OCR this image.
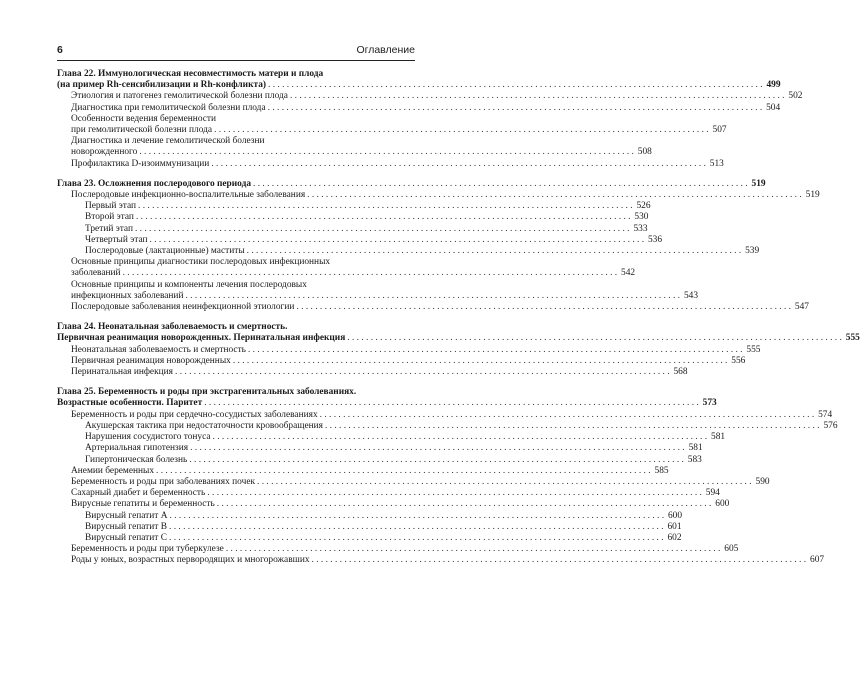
6	Оглавление
Глава 22. Иммунологическая несовместимость матери и плода
(на пример Rh-сенсибилизации и Rh-конфликта) . . .	499
Этиология и патогенез гемолитической болезни плода . . .	502
Диагностика при гемолитической болезни плода . . .	504
Особенности ведения беременности
при гемолитической болезни плода . . .	507
Диагностика и лечение гемолитической болезни
новорожденного . . .	508
Профилактика D-изоиммунизации . . .	513
Глава 23. Осложнения послеродового периода . . .	519
Послеродовые инфекционно-воспалительные заболевания . . .	519
Первый этап . . .	526
Второй этап . . .	530
Третий этап . . .	533
Четвертый этап . . .	536
Послеродовые (лактационные) маститы . . .	539
Основные принципы диагностики послеродовых инфекционных
заболеваний . . .	542
Основные принципы и компоненты лечения послеродовых
инфекционных заболеваний . . .	543
Послеродовые заболевания неинфекционной этиологии . . .	547
Глава 24. Неонатальная заболеваемость и смертность.
Первичная реанимация новорожденных. Перинатальная инфекция . . .	555
Неонатальная заболеваемость и смертность . . .	555
Первичная реанимация новорожденных . . .	556
Перинатальная инфекция . . .	568
Глава 25. Беременность и роды при экстрагенитальных заболеваниях.
Возрастные особенности. Паритет . . .	573
Беременность и роды при сердечно-сосудистых заболеваниях . . .	574
Акушерская тактика при недостаточности кровообращения . . .	576
Нарушения сосудистого тонуса . . .	581
Артериальная гипотензия . . .	581
Гипертоническая болезнь . . .	583
Анемии беременных . . .	585
Беременность и роды при заболеваниях почек . . .	590
Сахарный диабет и беременность . . .	594
Вирусные гепатиты и беременность . . .	600
Вирусный гепатит A . . .	600
Вирусный гепатит B . . .	601
Вирусный гепатит C . . .	602
Беременность и роды при туберкулезе . . .	605
Роды у юных, возрастных первородящих и многорожавших . . .	607
